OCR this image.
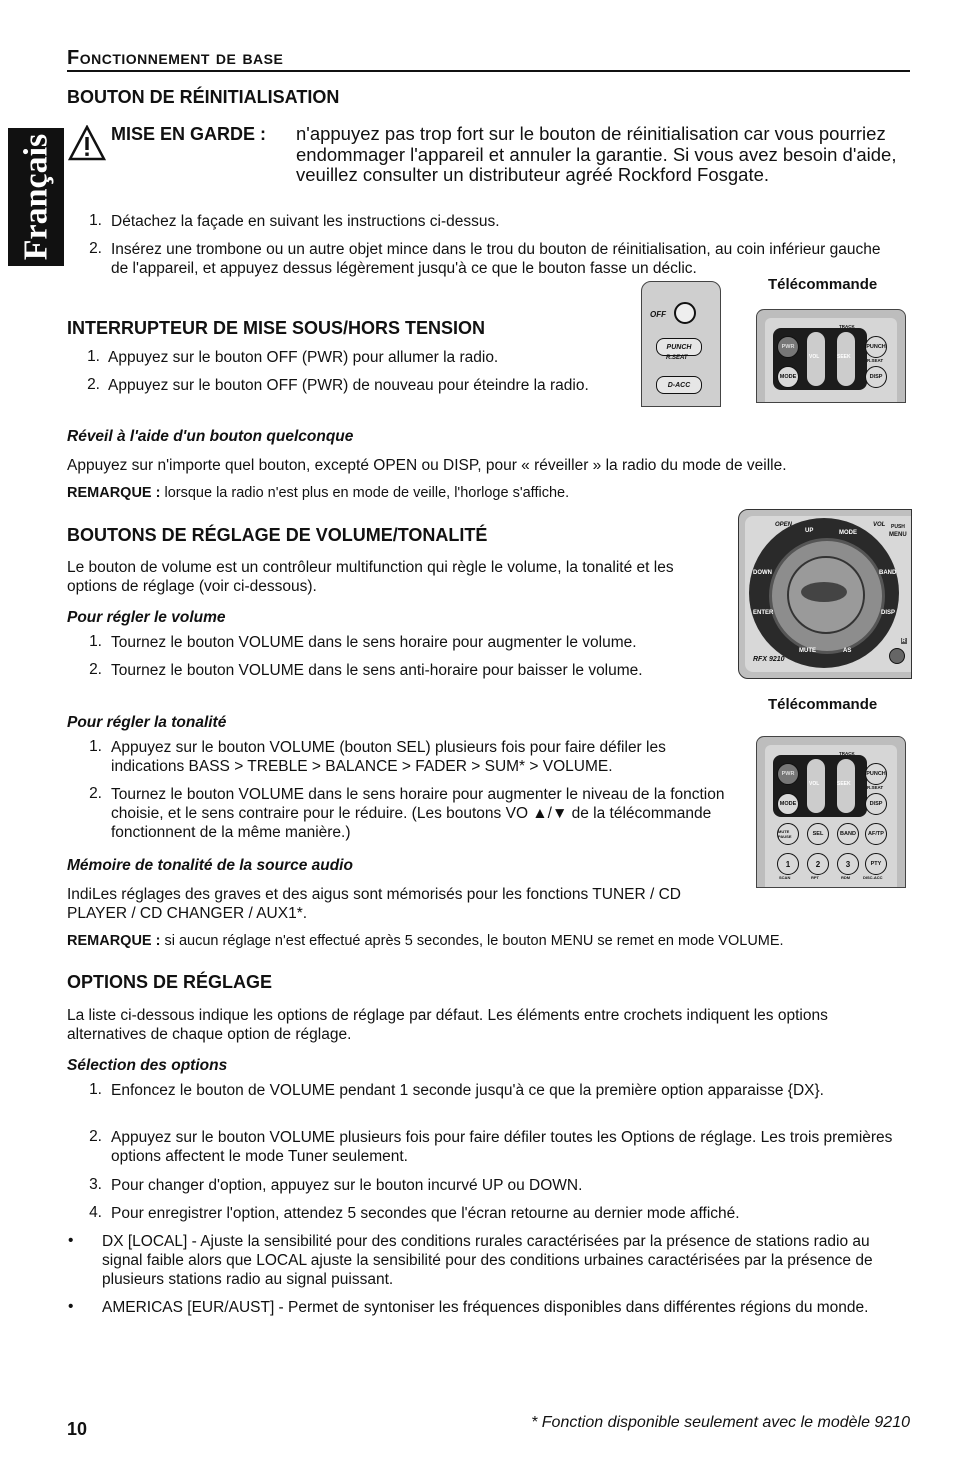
Français
Fonctionnement de base
BOUTON DE RÉINITIALISATION
MISE EN GARDE : n'appuyez pas trop fort sur le bouton de réinitialisation car vous pourriez endommager l'appareil et annuler la garantie. Si vous avez besoin d'aide, veuillez consulter un distributeur agréé Rockford Fosgate.
1. Détachez la façade en suivant les instructions ci-dessus.

2. Insérez une trombone ou un autre objet mince dans le trou du bouton de réinitialisation, au coin inférieur gauche de l'appareil, et appuyez dessus légèrement jusqu'à ce que le bouton fasse un déclic.

Télécommande
OFF
PUNCH
R.SEAT
D-ACC
PWR
VOL
TRACK
SEEK
PUNCH
R.SEAT
MODE	DISP
INTERRUPTEUR DE MISE SOUS/HORS TENSION
1. Appuyez sur le bouton OFF (PWR) pour allumer la radio.

2. Appuyez sur le bouton OFF (PWR) de nouveau pour éteindre la radio.

Réveil à l'aide d'un bouton quelconque

Appuyez sur n'importe quel bouton, excepté OPEN ou DISP, pour « réveiller » la radio du mode de veille.

REMARQUE : lorsque la radio n'est plus en mode de veille, l'horloge s'affiche.

OPEN
UP	MODE
VOL PUSH
MENU
DOWN	BAND
ENTER	DISP
MUTE	AS
RFX 9210
R
BOUTONS DE RÉGLAGE DE VOLUME/TONALITÉ

Le bouton de volume est un contrôleur multifunction qui règle le volume, la tonalité et les options de réglage (voir ci-dessous).

Pour régler le volume
1. Tournez le bouton VOLUME dans le sens horaire pour augmenter le volume.

2. Tournez le bouton VOLUME dans le sens anti-horaire pour baisser le volume.

Télécommande
Pour régler la tonalité
1. Appuyez sur le bouton VOLUME (bouton SEL) plusieurs fois pour faire défiler les indications BASS > TREBLE > BALANCE > FADER > SUM* > VOLUME.

2. Tournez le bouton VOLUME dans le sens horaire pour augmenter le niveau de la fonction choisie, et le sens contraire pour le réduire. (Les boutons VO ▲/▼ de la télécommande fonctionnent de la même manière.)

PWR
VOL
TRACK
SEEK
PUNCH
R.SEAT
MODE	DISP
MUTE PAUSE	SEL	BAND	AF/TP
1	2	3	PTY
SCAN	RPT	RDM	DISC-ACC
Mémoire de tonalité de la source audio

IndiLes réglages des graves et des aigus sont mémorisés pour les fonctions TUNER / CD PLAYER / CD CHANGER / AUX1*.

REMARQUE : si aucun réglage n'est effectué après 5 secondes, le bouton MENU se remet en mode VOLUME.

OPTIONS DE RÉGLAGE

La liste ci-dessous indique les options de réglage par défaut. Les éléments entre crochets indiquent les options alternatives de chaque option de réglage.

Sélection des options
1. Enfoncez le bouton de VOLUME pendant 1 seconde jusqu'à ce que la première option apparaisse {DX}.

2. Appuyez sur le bouton VOLUME plusieurs fois pour faire défiler toutes les Options de réglage. Les trois premières options affectent le mode Tuner seulement.

3. Pour changer d'option, appuyez sur le bouton incurvé UP ou DOWN.

4. Pour enregistrer l'option, attendez 5 secondes que l'écran retourne au dernier mode affiché.

• DX [LOCAL] - Ajuste la sensibilité pour des conditions rurales caractérisées par la présence de stations radio au signal faible alors que LOCAL ajuste la sensibilité pour des conditions urbaines caractérisées par la présence de plusieurs stations radio au signal puissant.

• AMERICAS [EUR/AUST] - Permet de syntoniser les fréquences disponibles dans différentes régions du monde.

10	* Fonction disponible seulement avec le modèle 9210
